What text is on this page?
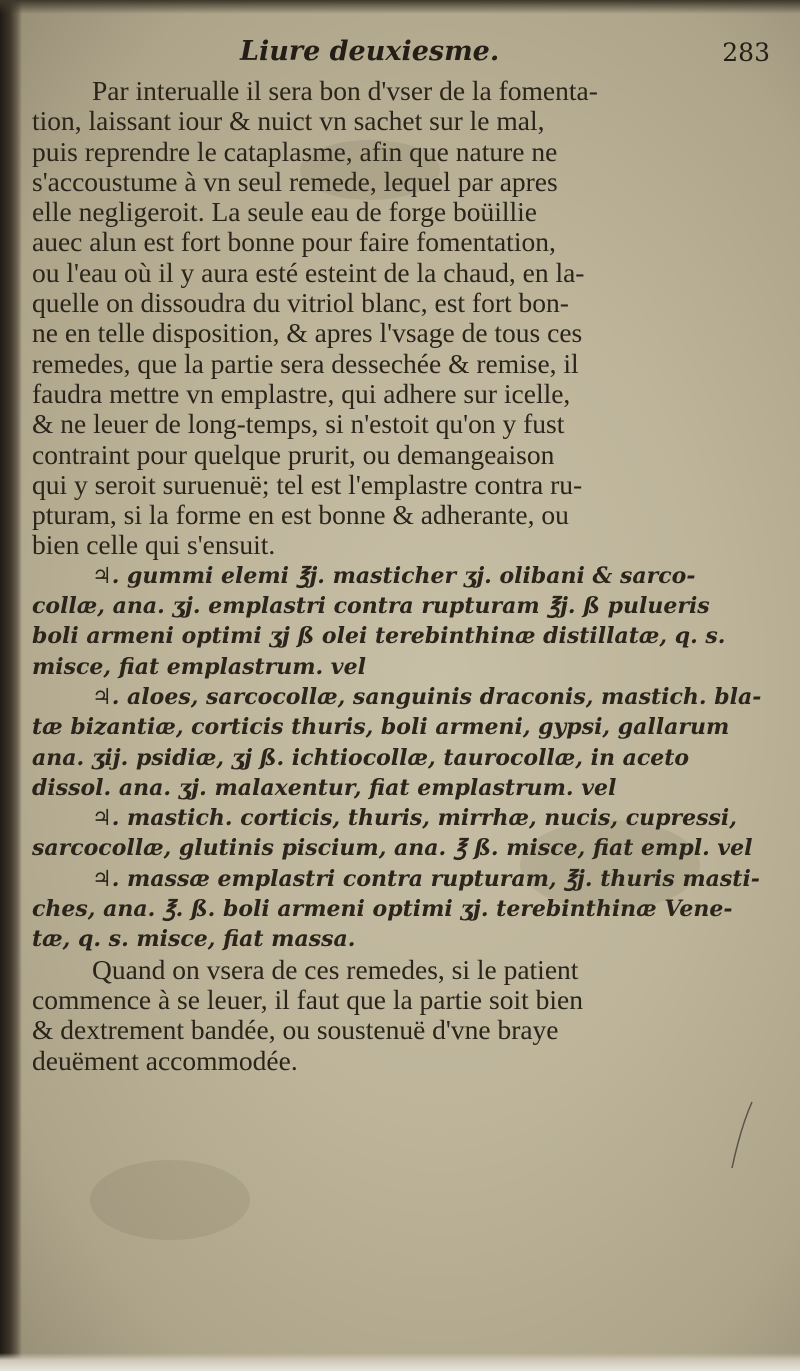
Liure deuxiesme.	283
Par interualle il sera bon d'vser de la fomenta-
tion, laissant iour & nuict vn sachet sur le mal,
puis reprendre le cataplasme, afin que nature ne
s'accoustume à vn seul remede, lequel par apres
elle negligeroit. La seule eau de forge boüillie
auec alun est fort bonne pour faire fomentation,
ou l'eau où il y aura esté esteint de la chaud, en la-
quelle on dissoudra du vitriol blanc, est fort bon-
ne en telle disposition, & apres l'vsage de tous ces
remedes, que la partie sera dessechée & remise, il
faudra mettre vn emplastre, qui adhere sur icelle,
& ne leuer de long-temps, si n'estoit qu'on y fust
contraint pour quelque prurit, ou demangeaison
qui y seroit suruenuë; tel est l'emplastre contra ru-
pturam, si la forme en est bonne & adherante, ou
bien celle qui s'ensuit.
♃. gummi elemi ℥j. masticher ʒj. olibani & sarco-
collæ, ana. ʒj. emplastri contra rupturam ℥j. ß pulueris
boli armeni optimi ʒj ß olei terebinthinæ distillatæ, q. s.
misce, fiat emplastrum. vel
♃. aloes, sarcocollæ, sanguinis draconis, mastich. bla-
tæ bizantiæ, corticis thuris, boli armeni, gypsi, gallarum
ana. ʒij. psidiæ, ʒj ß. ichtiocollæ, taurocollæ, in aceto
dissol. ana. ʒj. malaxentur, fiat emplastrum. vel
♃. mastich. corticis, thuris, mirrhæ, nucis, cupressi,
sarcocollæ, glutinis piscium, ana. ℥ ß. misce, fiat empl. vel
♃. massæ emplastri contra rupturam, ℥j. thuris masti-
ches, ana. ℥. ß. boli armeni optimi ʒj. terebinthinæ Vene-
tæ, q. s. misce, fiat massa.
Quand on vsera de ces remedes, si le patient
commence à se leuer, il faut que la partie soit bien
& dextrement bandée, ou soustenuë d'vne braye
deuëment accommodée.
